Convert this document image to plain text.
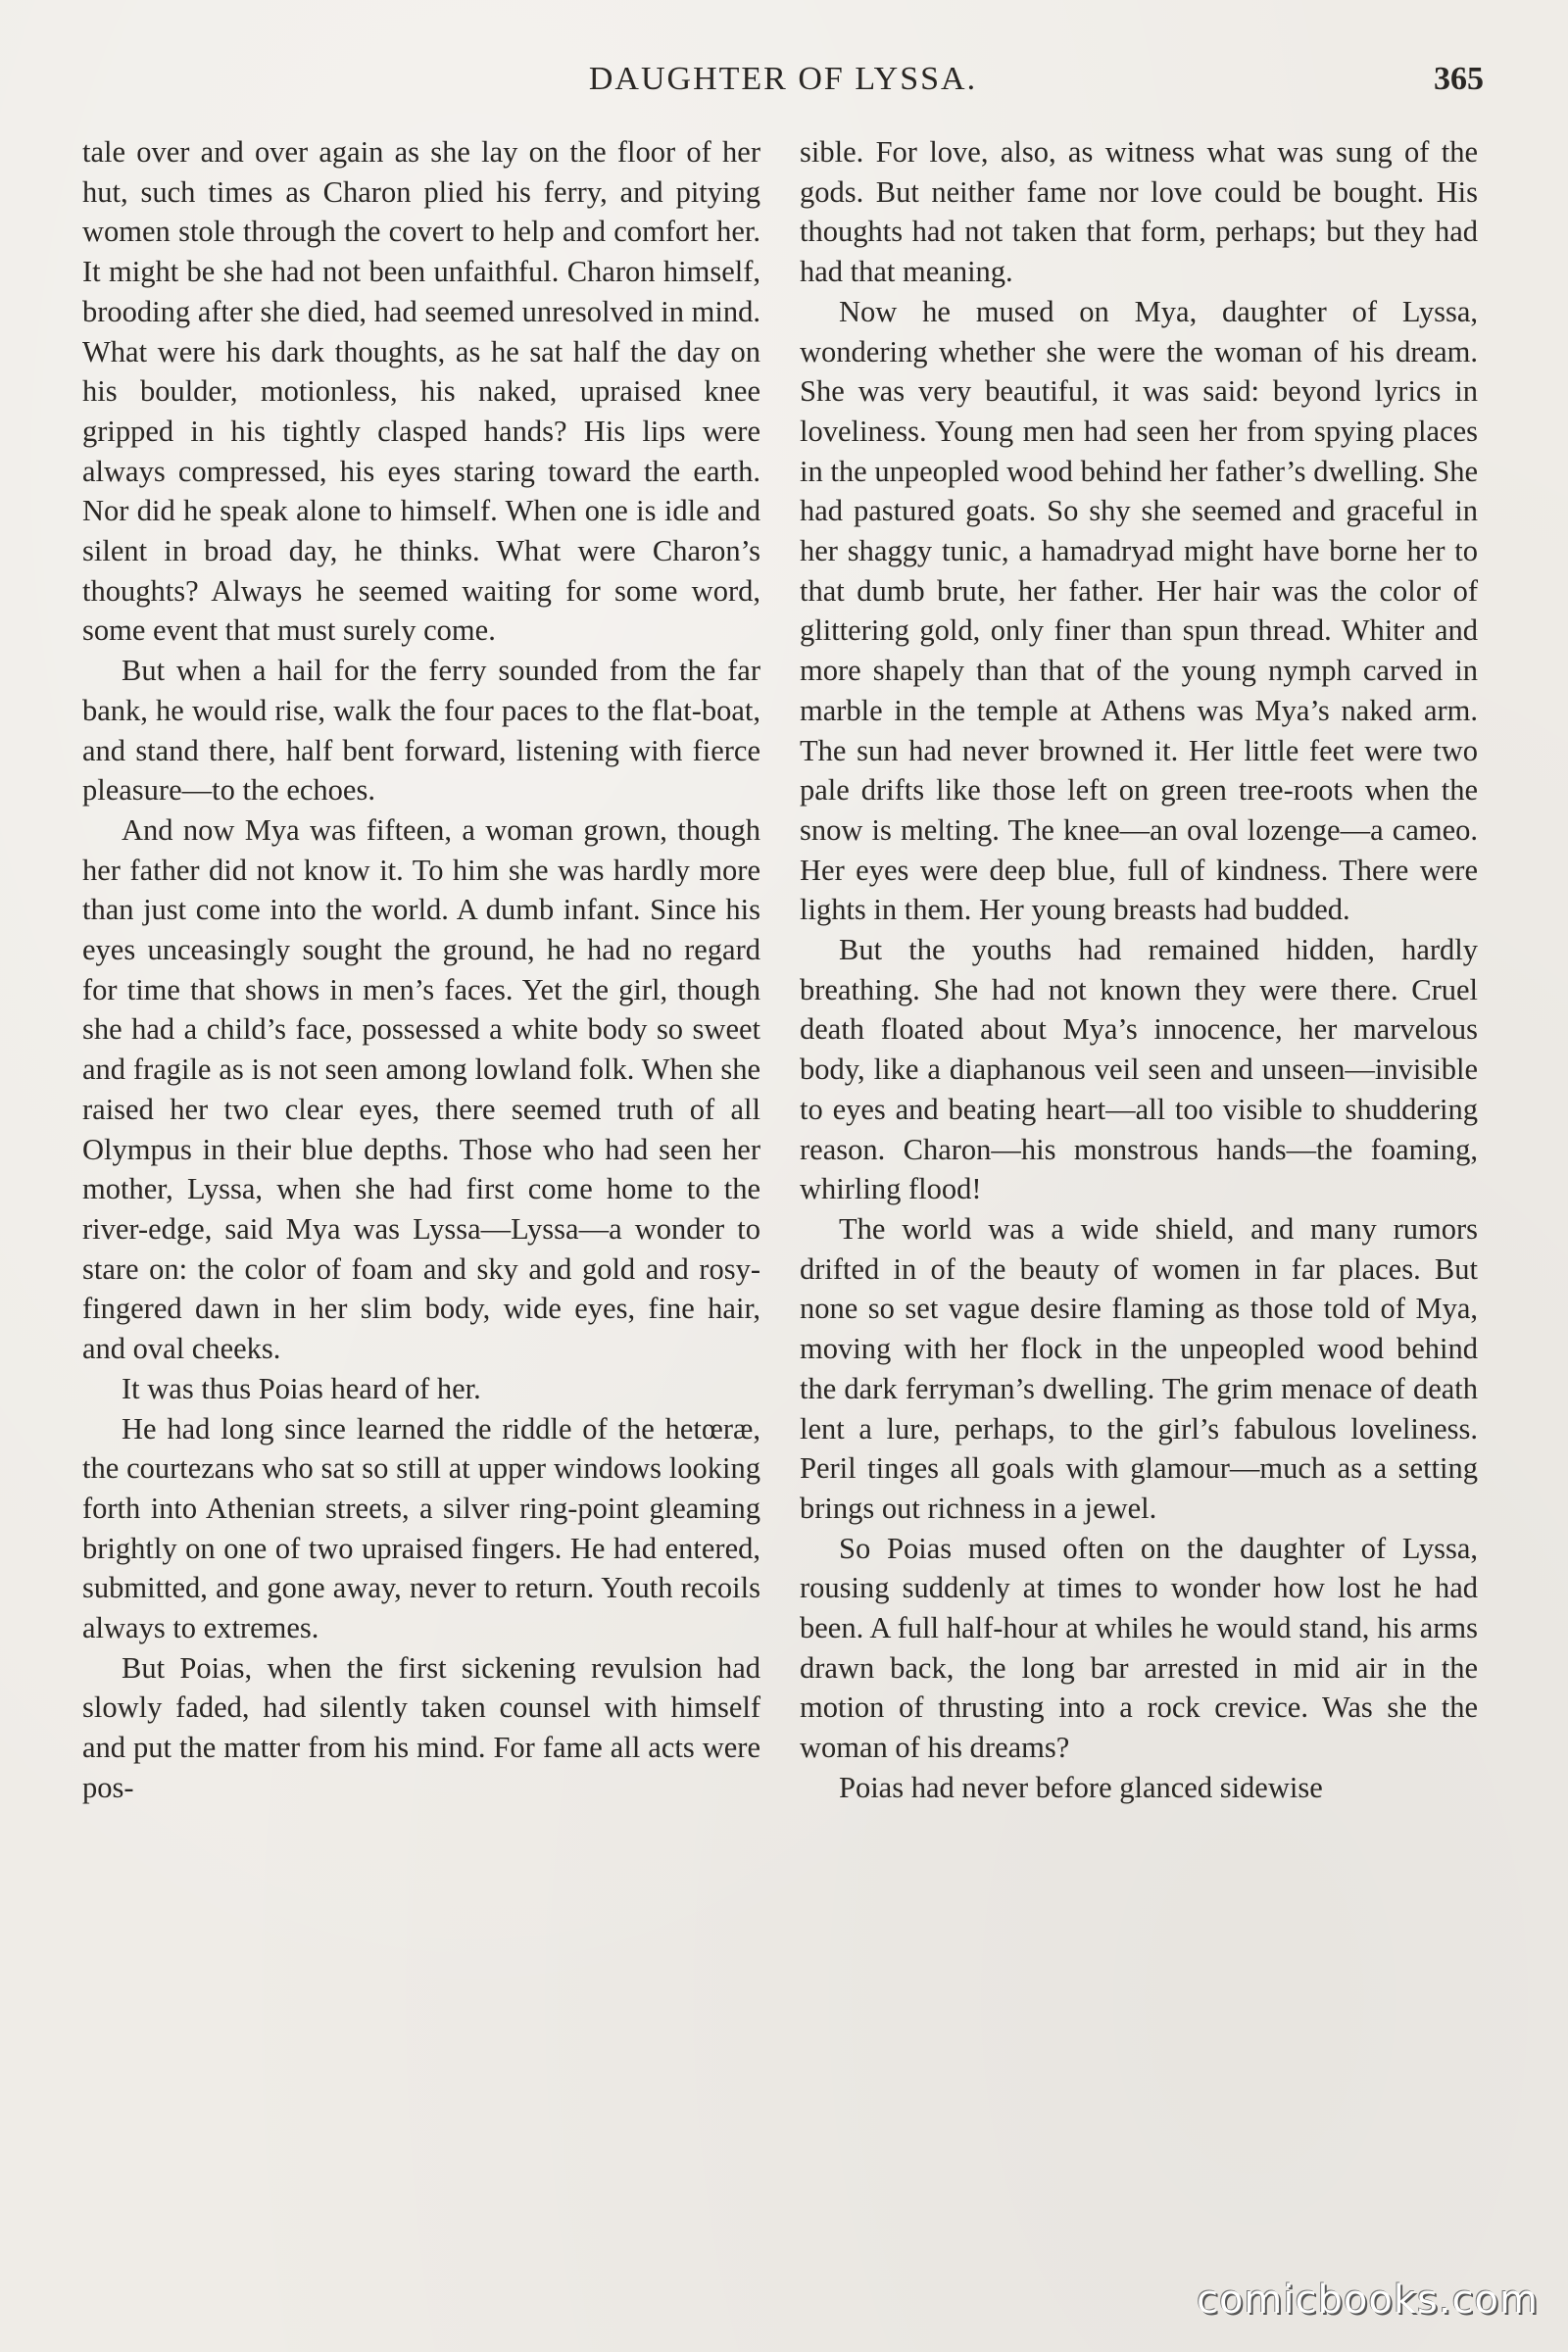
DAUGHTER OF LYSSA.	365

tale over and over again as she lay on the floor of her hut, such times as Charon plied his ferry, and pitying women stole through the covert to help and comfort her. It might be she had not been unfaithful. Charon himself, brooding after she died, had seemed unresolved in mind. What were his dark thoughts, as he sat half the day on his boulder, motionless, his naked, upraised knee gripped in his tightly clasped hands? His lips were always compressed, his eyes staring toward the earth. Nor did he speak alone to himself. When one is idle and silent in broad day, he thinks. What were Charon’s thoughts? Always he seemed waiting for some word, some event that must surely come.

But when a hail for the ferry sounded from the far bank, he would rise, walk the four paces to the flat-boat, and stand there, half bent forward, listening with fierce pleasure—to the echoes.

And now Mya was fifteen, a woman grown, though her father did not know it. To him she was hardly more than just come into the world. A dumb infant. Since his eyes unceasingly sought the ground, he had no regard for time that shows in men’s faces. Yet the girl, though she had a child’s face, possessed a white body so sweet and fragile as is not seen among lowland folk. When she raised her two clear eyes, there seemed truth of all Olympus in their blue depths. Those who had seen her mother, Lyssa, when she had first come home to the river-edge, said Mya was Lyssa—Lyssa—a wonder to stare on: the color of foam and sky and gold and rosy-fingered dawn in her slim body, wide eyes, fine hair, and oval cheeks.

It was thus Poias heard of her.

He had long since learned the riddle of the hetœræ, the courtezans who sat so still at upper windows looking forth into Athenian streets, a silver ring-point gleaming brightly on one of two upraised fingers. He had entered, submitted, and gone away, never to return. Youth recoils always to extremes.

But Poias, when the first sickening revulsion had slowly faded, had silently taken counsel with himself and put the matter from his mind. For fame all acts were pos-

sible. For love, also, as witness what was sung of the gods. But neither fame nor love could be bought. His thoughts had not taken that form, perhaps; but they had had that meaning.

Now he mused on Mya, daughter of Lyssa, wondering whether she were the woman of his dream. She was very beautiful, it was said: beyond lyrics in loveliness. Young men had seen her from spying places in the unpeopled wood behind her father’s dwelling. She had pastured goats. So shy she seemed and graceful in her shaggy tunic, a hamadryad might have borne her to that dumb brute, her father. Her hair was the color of glittering gold, only finer than spun thread. Whiter and more shapely than that of the young nymph carved in marble in the temple at Athens was Mya’s naked arm. The sun had never browned it. Her little feet were two pale drifts like those left on green tree-roots when the snow is melting. The knee—an oval lozenge—a cameo. Her eyes were deep blue, full of kindness. There were lights in them. Her young breasts had budded.

But the youths had remained hidden, hardly breathing. She had not known they were there. Cruel death floated about Mya’s innocence, her marvelous body, like a diaphanous veil seen and unseen—invisible to eyes and beating heart—all too visible to shuddering reason. Charon—his monstrous hands—the foaming, whirling flood!

The world was a wide shield, and many rumors drifted in of the beauty of women in far places. But none so set vague desire flaming as those told of Mya, moving with her flock in the unpeopled wood behind the dark ferryman’s dwelling. The grim menace of death lent a lure, perhaps, to the girl’s fabulous loveliness. Peril tinges all goals with glamour—much as a setting brings out richness in a jewel.

So Poias mused often on the daughter of Lyssa, rousing suddenly at times to wonder how lost he had been. A full half-hour at whiles he would stand, his arms drawn back, the long bar arrested in mid air in the motion of thrusting into a rock crevice. Was she the woman of his dreams?

Poias had never before glanced sidewise

comicbooks.com
